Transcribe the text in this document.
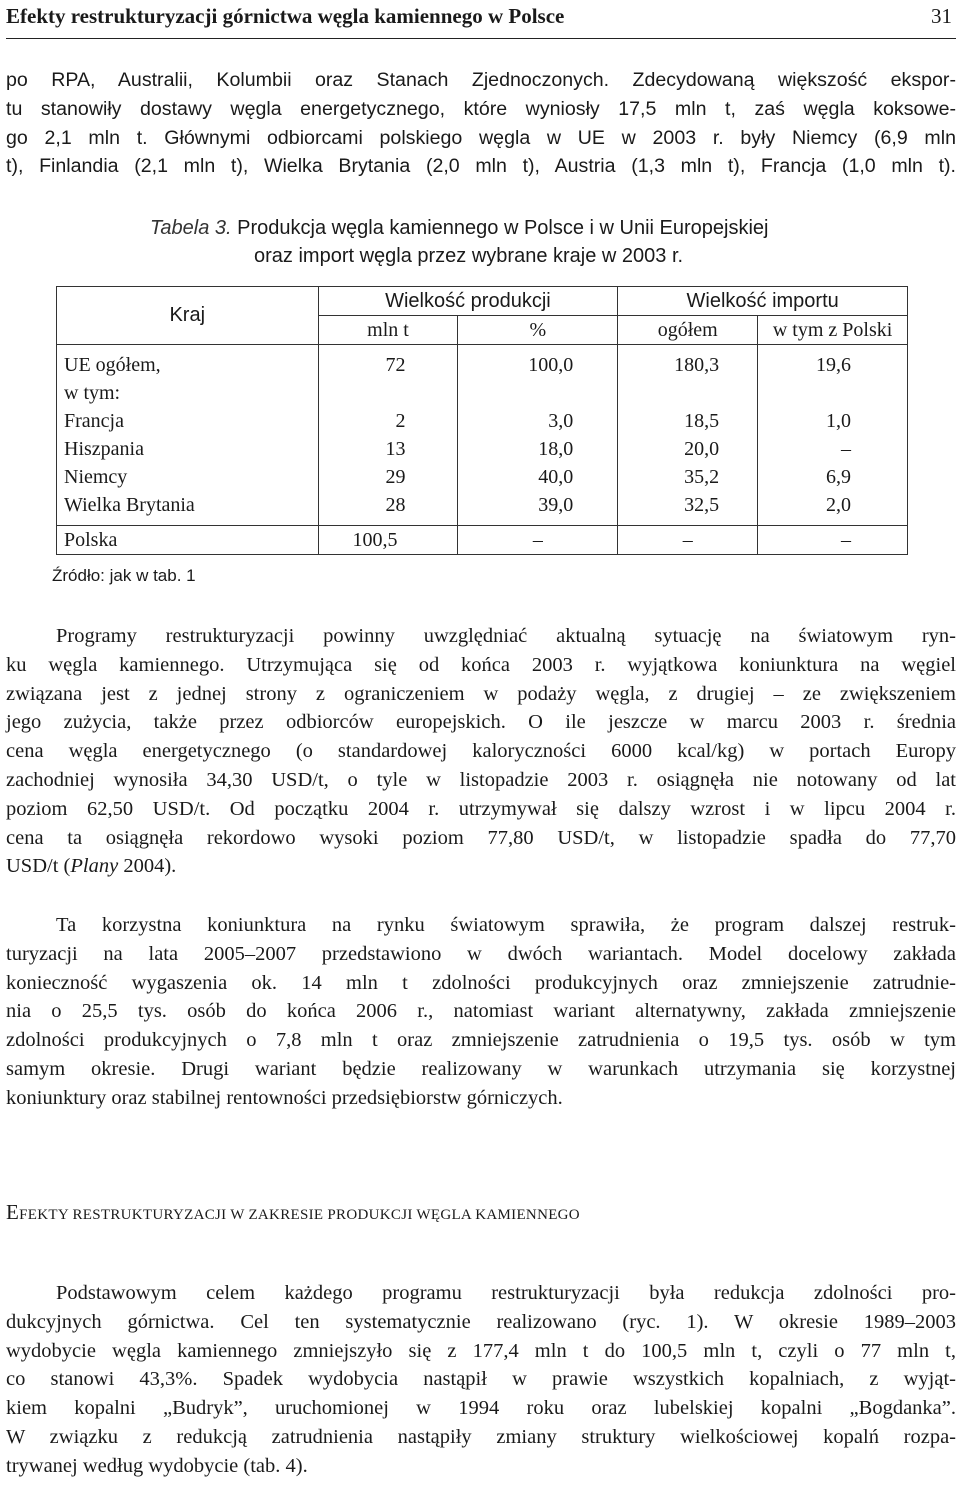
Efekty restrukturyzacji górnictwa węgla kamiennego w Polsce	31
po RPA, Australii, Kolumbii oraz Stanach Zjednoczonych. Zdecydowaną większość ekspor-
tu stanowiły dostawy węgla energetycznego, które wyniosły 17,5 mln t, zaś węgla koksowe-
go 2,1 mln t. Głównymi odbiorcami polskiego węgla w UE w 2003 r. były Niemcy (6,9 mln
t), Finlandia (2,1 mln t), Wielka Brytania (2,0 mln t), Austria (1,3 mln t), Francja (1,0 mln t).
Tabela 3. Produkcja węgla kamiennego w Polsce i w Unii Europejskiej
oraz import węgla przez wybrane kraje w 2003 r.
Kraj	Wielkość produkcji		Wielkość importu	
	mln t	%	ogółem	w tym z Polski
UE ogółem,	72	100,0	180,3	19,6
w tym:				
Francja	2	3,0	18,5	1,0
Hiszpania	13	18,0	20,0	–
Niemcy	29	40,0	35,2	6,9
Wielka Brytania	28	39,0	32,5	2,0
Polska	100,5	–	–	–
Źródło: jak w tab. 1
Programy restrukturyzacji powinny uwzględniać aktualną sytuację na światowym ryn-
ku węgla kamiennego. Utrzymująca się od końca 2003 r. wyjątkowa koniunktura na węgiel
związana jest z jednej strony z ograniczeniem w podaży węgla, z drugiej – ze zwiększeniem
jego zużycia, także przez odbiorców europejskich. O ile jeszcze w marcu 2003 r. średnia
cena węgla energetycznego (o standardowej kaloryczności 6000 kcal/kg) w portach Europy
zachodniej wynosiła 34,30 USD/t, o tyle w listopadzie 2003 r. osiągnęła nie notowany od lat
poziom 62,50 USD/t. Od początku 2004 r. utrzymywał się dalszy wzrost i w lipcu 2004 r.
cena ta osiągnęła rekordowo wysoki poziom 77,80 USD/t, w listopadzie spadła do 77,70
USD/t (Plany 2004).
Ta korzystna koniunktura na rynku światowym sprawiła, że program dalszej restruk-
turyzacji na lata 2005–2007 przedstawiono w dwóch wariantach. Model docelowy zakłada
konieczność wygaszenia ok. 14 mln t zdolności produkcyjnych oraz zmniejszenie zatrudnie-
nia o 25,5 tys. osób do końca 2006 r., natomiast wariant alternatywny, zakłada zmniejszenie
zdolności produkcyjnych o 7,8 mln t oraz zmniejszenie zatrudnienia o 19,5 tys. osób w tym
samym okresie. Drugi wariant będzie realizowany w warunkach utrzymania się korzystnej
koniunktury oraz stabilnej rentowności przedsiębiorstw górniczych.
EFEKTY RESTRUKTURYZACJI W ZAKRESIE PRODUKCJI WĘGLA KAMIENNEGO
Podstawowym celem każdego programu restrukturyzacji była redukcja zdolności pro-
dukcyjnych górnictwa. Cel ten systematycznie realizowano (ryc. 1). W okresie 1989–2003
wydobycie węgla kamiennego zmniejszyło się z 177,4 mln t do 100,5 mln t, czyli o 77 mln t,
co stanowi 43,3%. Spadek wydobycia nastąpił w prawie wszystkich kopalniach, z wyjąt-
kiem kopalni „Budryk”, uruchomionej w 1994 roku oraz lubelskiej kopalni „Bogdanka”.
W związku z redukcją zatrudnienia nastąpiły zmiany struktury wielkościowej kopalń rozpa-
trywanej według wydobycie (tab. 4).
